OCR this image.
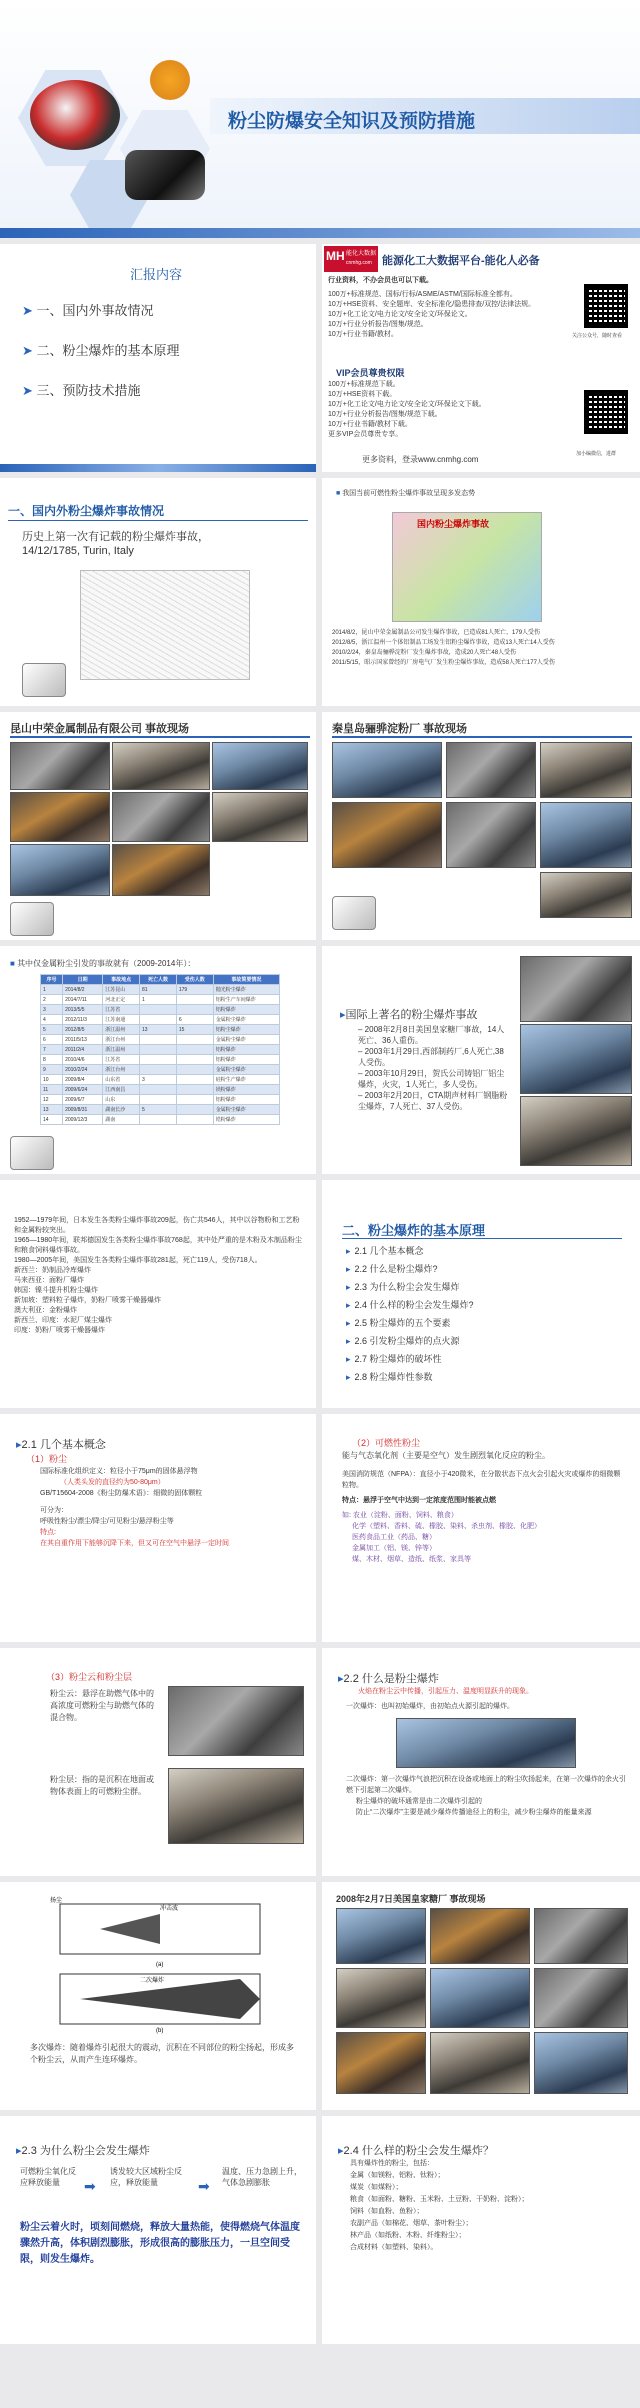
粉尘防爆安全知识及预防措施
汇报内容
➤ 一、国内外事故情况
➤ 二、粉尘爆炸的基本原理
➤ 三、预防技术措施
MH 能化大数据
cnmhg.com 能源化工大数据平台-能化人必备
行业资料，不办会员也可以下载。
100万+标准规范、国标/行标/ASME/ASTM/国际标准全都有。
10万+HSE资料、安全题库、安全标准化/隐患排查/双控/法律法规。
10万+化工论文/电力论文/安全论文/环保论文。
10万+行业分析报告/图集/规范。
10万+行业书籍/教材。
VIP会员尊贵权限
100万+标准规范下载。
10万+HSE资料下载。
10万+化工论文/电力论文/安全论文/环保论文下载。
10万+行业分析报告/图集/规范下载。
10万+行业书籍/教材下载。
更多VIP会员尊贵专享。
更多资料，登录www.cnmhg.com
关注公众号，随时查看
加小编微信，进群
一、国内外粉尘爆炸事故情况
历史上第一次有记载的粉尘爆炸事故，
14/12/1785, Turin, Italy
■ 我国当前可燃性粉尘爆炸事故呈现多发态势
国内粉尘爆炸事故
2014/8/2，昆山中荣金属制品公司发生爆炸事故，已造成81人死亡、179人受伤
2012/8/5，浙江温州一个体铝制品工场发生铝粉尘爆炸事故，造成13人死亡14人受伤
2010/2/24，秦皇岛骊骅淀粉厂发生爆炸事故，造成20人死亡48人受伤
2011/5/15，昭示国家曾经的厂房电气厂发生粉尘爆炸事故，造成58人死亡177人受伤
昆山中荣金属制品有限公司 事故现场	秦皇岛骊骅淀粉厂 事故现场
■ 其中仅金属粉尘引发的事故就有（2009-2014年）：
序号	日期	事故地点	死亡人数	受伤人数	事故简要情况
1	2014/8/2	江苏昆山	81	179	抛光粉尘爆炸
2	2014/7/11	河北正定	1		铝粉生产车间爆炸
3	2013/5/5	江苏省			铝粉爆炸
4	2012/11/3	江苏南通		6	金属粉尘爆炸
5	2012/8/5	浙江温州	13	15	铝粉尘爆炸
6	2011/5/13	浙江台州			金属粉尘爆炸
7	2011/2/4	浙江温州			铝粉爆炸
8	2010/4/6	江苏省			铝粉爆炸
9	2010/2/24	浙江台州			金属粉尘爆炸
10	2009/8/4	山东省	3		硅粉生产爆炸
11	2009/6/24	江西南昌			镁粉爆炸
12	2009/6/7	山东			铝粉爆炸
13	2009/8/31	湖南长沙	5		金属粉尘爆炸
14	2009/12/3	湖南			锆粉爆炸
▸国际上著名的粉尘爆炸事故
– 2008年2月8日美国皇家糖厂事故，14人死亡、36人重伤。
– 2003年1月29日,西部制药厂,6人死亡,38人受伤。
– 2003年10月29日，贺氏公司铸铝厂铝尘爆炸，火灾，1人死亡，多人受伤。
– 2003年2月20日，CTA期声材料厂钢脂粉尘爆炸，7人死亡、37人受伤。
1952—1979年间，日本发生各类粉尘爆炸事故209起，伤亡共546人，其中以谷物粉和工艺粉和金属粉较突出。
1965—1980年间，联邦德国发生各类粉尘爆炸事故768起，其中处严重的是木粉及木制品粉尘和粮食饲料爆炸事故。
1980—2005年间，美国发生各类粉尘爆炸事故281起，死亡119人，受伤718人。
新西兰：奶制品冷库爆炸
马来西亚：面粉厂爆炸
韩国：镍斗提升机粉尘爆炸
新加坡：塑料粒子爆炸，奶粉厂喷雾干燥器爆炸
澳大利亚：金粉爆炸
新西兰、印度：水泥厂煤尘爆炸
印度：奶粉厂喷雾干燥器爆炸
二、粉尘爆炸的基本原理
▸ 2.1 几个基本概念
▸ 2.2 什么是粉尘爆炸?
▸ 2.3 为什么粉尘会发生爆炸
▸ 2.4 什么样的粉尘会发生爆炸?
▸ 2.5 粉尘爆炸的五个要素
▸ 2.6 引发粉尘爆炸的点火源
▸ 2.7 粉尘爆炸的破坏性
▸ 2.8 粉尘爆炸性参数
▸2.1 几个基本概念
（1）粉尘
国际标准化组织定义：粒径小于75μm的固体悬浮物
（人类头发的直径约为50-80μm）
GB/T15604-2008《粉尘防爆术语》：细微的固体颗粒
可分为：
呼吸性粉尘/漂尘/降尘/可见粉尘/悬浮粉尘等
特点:
在其自重作用下能够沉降下来，但又可在空气中悬浮一定时间
（2）可燃性粉尘
能与气态氧化剂（主要是空气）发生剧烈氧化反应的粉尘。
美国消防规范（NFPA）：直径小于420微米，在分散状态下点火会引起火灾或爆炸的细微颗粒物。
特点：悬浮于空气中达到一定浓度范围时能被点燃
如: 农业（淀粉、面粉、饲料、粮食）
化学（塑料、香料、硫、橡胶、染料、杀虫剂、橡胶、化肥）
医药食品工业（药品、糖）
金属加工（铝、镁、锌等）
煤、木材、烟草、造纸、纸浆、家具等
（3）粉尘云和粉尘层
粉尘云：悬浮在助燃气体中的高浓度可燃粉尘与助燃气体的混合物。
粉尘层：指的是沉积在地面或物体表面上的可燃粉尘群。
▸2.2 什么是粉尘爆炸
火焰在粉尘云中传播，引起压力、温度明显跃升的现象。
一次爆炸：也叫初始爆炸，由初始点火源引起的爆炸。
二次爆炸：第一次爆炸气浪把沉积在设备或地面上的粉尘吹扬起来，在第一次爆炸的余火引燃下引起第二次爆炸。
粉尘爆炸的破坏通常是由二次爆炸引起的
防止“二次爆炸”主要是减少爆炸传播途径上的粉尘，减少粉尘爆炸的能量来源
扬尘
冲击波
(a)
二次爆炸
(b)
多次爆炸：随着爆炸引起很大的震动，沉积在不同部位的粉尘扬起，形成多个粉尘云，从而产生连环爆炸。
2008年2月7日美国皇家糖厂 事故现场
▸2.3 为什么粉尘会发生爆炸
可燃粉尘氧化反应释放能量	➡
诱发较大区域粉尘反应，释放能量	➡
温度、压力急剧上升，气体急剧膨胀
粉尘云着火时，顷刻间燃烧，释放大量热能，使得燃烧气体温度骤然升高，体积剧烈膨胀，形成很高的膨胀压力，一旦空间受限，则发生爆炸。
▸2.4 什么样的粉尘会发生爆炸？
具有爆炸性的粉尘，包括：
金属（如镁粉、铝粉、钛粉）；
煤炭（如煤粉）；
粮食（如面粉、糖粉、玉米粉、土豆粉、干奶粉、淀粉）；
饲料（如血粉、鱼粉）；
农副产品（如棉花、烟草、茶叶粉尘）；
林产品（如纸粉、木粉、纤维粉尘）；
合成材料（如塑料、染料）。
